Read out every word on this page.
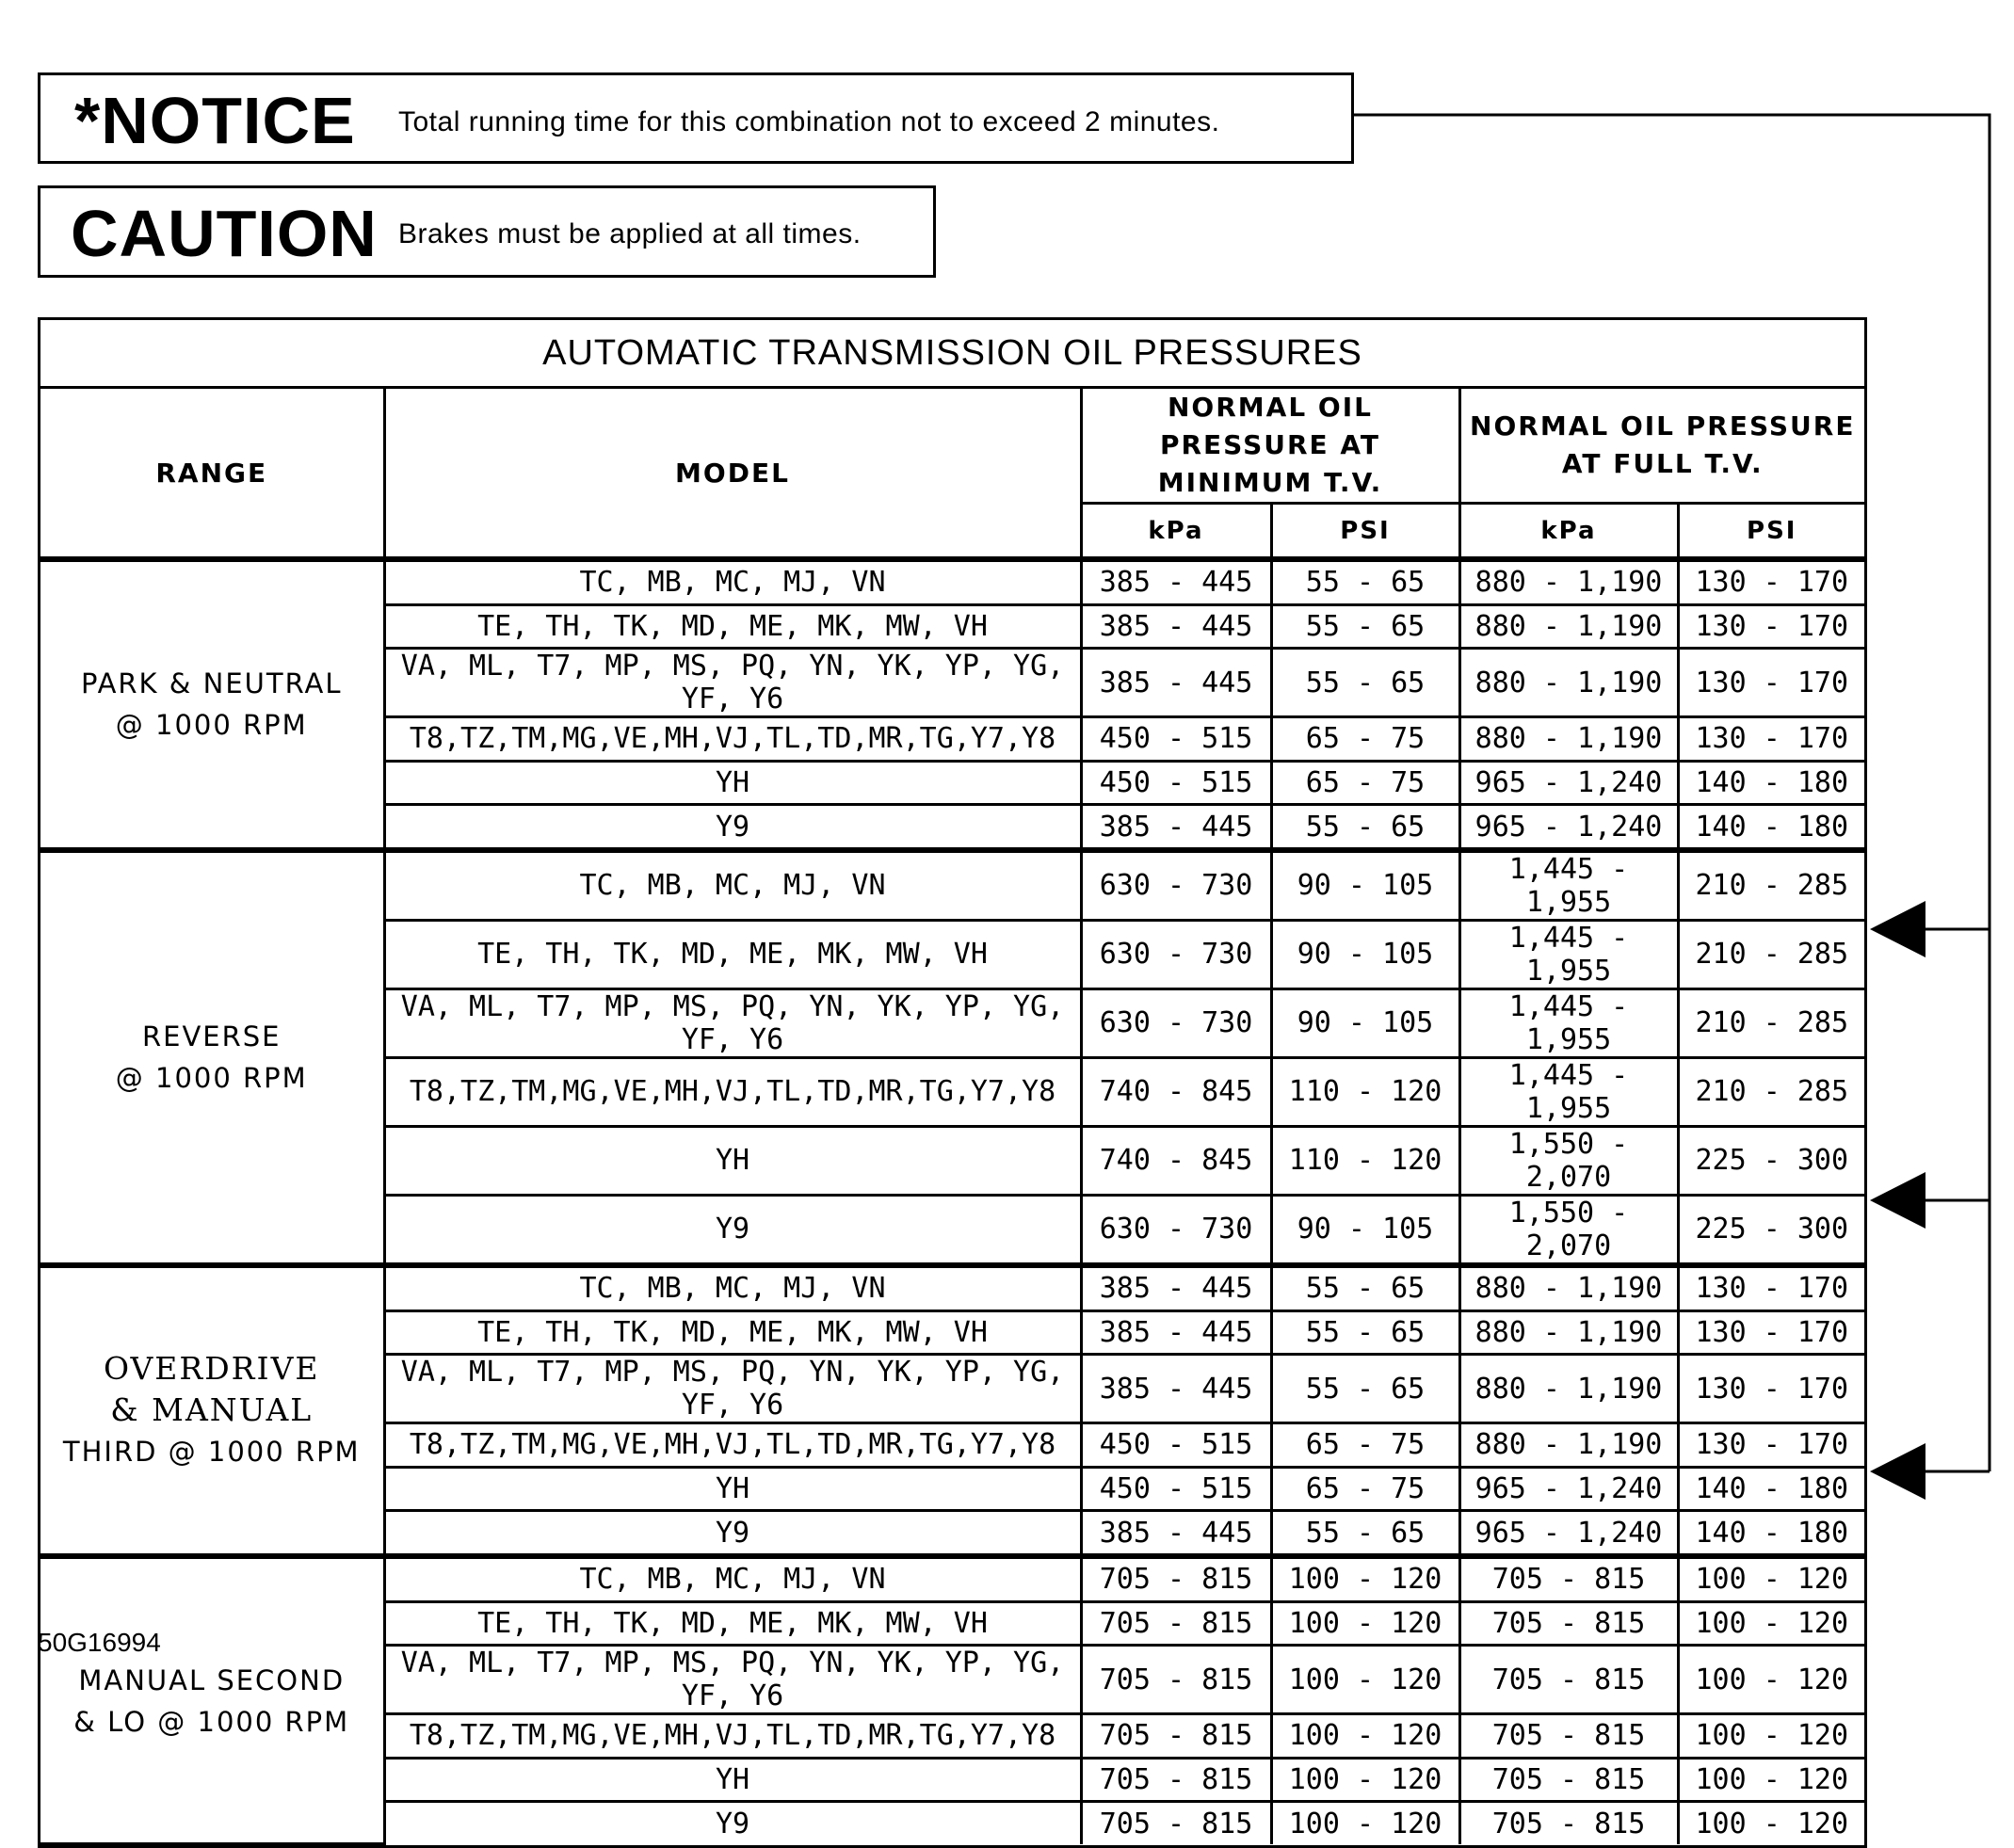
*NOTICE Total running time for this combination not to exceed 2 minutes.
CAUTION Brakes must be applied at all times.
AUTOMATIC TRANSMISSION OIL PRESSURES
RANGE	MODEL	NORMAL OIL PRESSURE AT MINIMUM T.V.		NORMAL OIL PRESSURE AT FULL T.V.	
		kPa	PSI	kPa	PSI

PARK & NEUTRAL
@ 1000 RPM	TC, MB, MC, MJ, VN	385 - 445	55 - 65	880 - 1,190	130 - 170
	TE, TH, TK, MD, ME, MK, MW, VH	385 - 445	55 - 65	880 - 1,190	130 - 170
	VA, ML, T7, MP, MS, PQ, YN, YK, YP, YG, YF, Y6	385 - 445	55 - 65	880 - 1,190	130 - 170
	T8,TZ,TM,MG,VE,MH,VJ,TL,TD,MR,TG,Y7,Y8	450 - 515	65 - 75	880 - 1,190	130 - 170
	YH	450 - 515	65 - 75	965 - 1,240	140 - 180
	Y9	385 - 445	55 - 65	965 - 1,240	140 - 180

REVERSE
@ 1000 RPM	TC, MB, MC, MJ, VN	630 - 730	90 - 105	1,445 - 1,955	210 - 285
	TE, TH, TK, MD, ME, MK, MW, VH	630 - 730	90 - 105	1,445 - 1,955	210 - 285
	VA, ML, T7, MP, MS, PQ, YN, YK, YP, YG, YF, Y6	630 - 730	90 - 105	1,445 - 1,955	210 - 285
	T8,TZ,TM,MG,VE,MH,VJ,TL,TD,MR,TG,Y7,Y8	740 - 845	110 - 120	1,445 - 1,955	210 - 285
	YH	740 - 845	110 - 120	1,550 - 2,070	225 - 300
	Y9	630 - 730	90 - 105	1,550 - 2,070	225 - 300

OVERDRIVE
& MANUAL
THIRD @ 1000 RPM	TC, MB, MC, MJ, VN	385 - 445	55 - 65	880 - 1,190	130 - 170
	TE, TH, TK, MD, ME, MK, MW, VH	385 - 445	55 - 65	880 - 1,190	130 - 170
	VA, ML, T7, MP, MS, PQ, YN, YK, YP, YG, YF, Y6	385 - 445	55 - 65	880 - 1,190	130 - 170
	T8,TZ,TM,MG,VE,MH,VJ,TL,TD,MR,TG,Y7,Y8	450 - 515	65 - 75	880 - 1,190	130 - 170
	YH	450 - 515	65 - 75	965 - 1,240	140 - 180
	Y9	385 - 445	55 - 65	965 - 1,240	140 - 180

MANUAL SECOND
& LO @ 1000 RPM	TC, MB, MC, MJ, VN	705 - 815	100 - 120	705 - 815	100 - 120
	TE, TH, TK, MD, ME, MK, MW, VH	705 - 815	100 - 120	705 - 815	100 - 120
	VA, ML, T7, MP, MS, PQ, YN, YK, YP, YG, YF, Y6	705 - 815	100 - 120	705 - 815	100 - 120
	T8,TZ,TM,MG,VE,MH,VJ,TL,TD,MR,TG,Y7,Y8	705 - 815	100 - 120	705 - 815	100 - 120
	YH	705 - 815	100 - 120	705 - 815	100 - 120
	Y9	705 - 815	100 - 120	705 - 815	100 - 120
50G16994
